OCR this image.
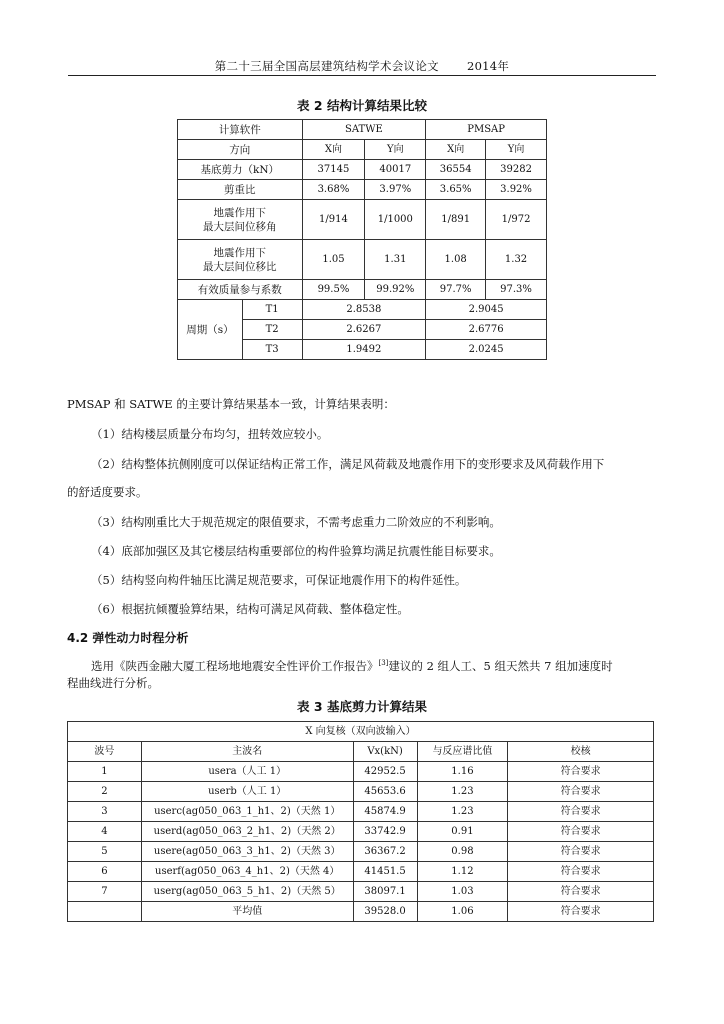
第二十三届全国高层建筑结构学术会议论文 2014年
表 2 结构计算结果比较
计算软件		SATWE		PMSAP	
方向		X向	Y向	X向	Y向
基底剪力（kN）		37145	40017	36554	39282
剪重比		3.68%	3.97%	3.65%	3.92%

地震作用下
最大层间位移角		1/914	1/1000	1/891	1/972

地震作用下
最大层间位移比		1.05	1.31	1.08	1.32
有效质量参与系数		99.5%	99.92%	97.7%	97.3%
周期（s）	T1	2.8538		2.9045	
	T2	2.6267		2.6776	
	T3	1.9492		2.0245	
PMSAP 和 SATWE 的主要计算结果基本一致，计算结果表明：
（1）结构楼层质量分布均匀，扭转效应较小。
（2）结构整体抗侧刚度可以保证结构正常工作，满足风荷载及地震作用下的变形要求及风荷载作用下
的舒适度要求。
（3）结构刚重比大于规范规定的限值要求，不需考虑重力二阶效应的不利影响。
（4）底部加强区及其它楼层结构重要部位的构件验算均满足抗震性能目标要求。
（5）结构竖向构件轴压比满足规范要求，可保证地震作用下的构件延性。
（6）根据抗倾覆验算结果，结构可满足风荷载、整体稳定性。
4.2 弹性动力时程分析
选用《陕西金融大厦工程场地地震安全性评价工作报告》[3]建议的 2 组人工、5 组天然共 7 组加速度时
程曲线进行分析。
表 3 基底剪力计算结果
X 向复核（双向波输入）				
波号	主波名	Vx(kN)	与反应谱比值	校核
1	usera（人工 1）	42952.5	1.16	符合要求
2	userb（人工 1）	45653.6	1.23	符合要求
3	userc(ag050_063_1_h1、2)（天然 1）	45874.9	1.23	符合要求
4	userd(ag050_063_2_h1、2)（天然 2）	33742.9	0.91	符合要求
5	usere(ag050_063_3_h1、2)（天然 3）	36367.2	0.98	符合要求
6	userf(ag050_063_4_h1、2)（天然 4）	41451.5	1.12	符合要求
7	userg(ag050_063_5_h1、2)（天然 5）	38097.1	1.03	符合要求
	平均值	39528.0	1.06	符合要求
